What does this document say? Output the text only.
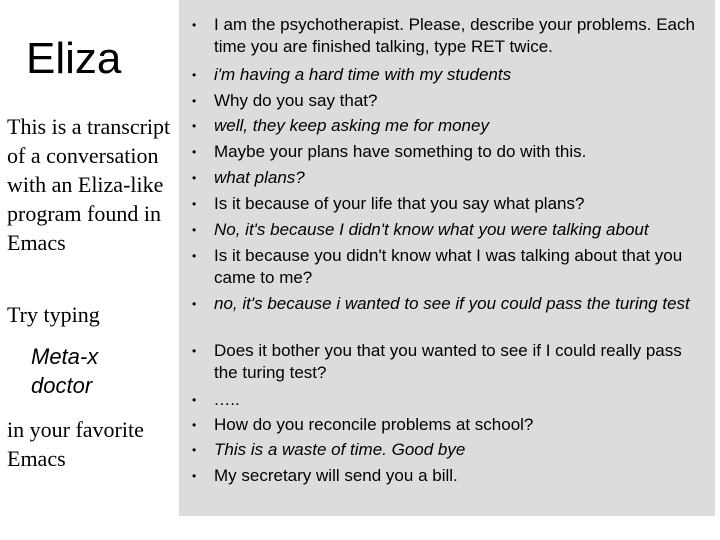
Eliza
This is a transcript of a conversation with an Eliza-like program found in Emacs
Try typing
Meta-x
doctor
in your favorite Emacs
• I am the psychotherapist. Please, describe your problems. Each time you are finished talking, type RET twice.
• i'm having a hard time with my students
• Why do you say that?
• well, they keep asking me for money
• Maybe your plans have something to do with this.
• what plans?
• Is it because of your life that you say what plans?
• No, it's because I didn't know what you were talking about
• Is it because you didn't know what I was talking about that you came to me?
• no, it's because i wanted to see if you could pass the turing test
• Does it bother you that you wanted to see if I could really pass the turing test?
• …..
• How do you reconcile problems at school?
• This is a waste of time. Good bye
• My secretary will send you a bill.
